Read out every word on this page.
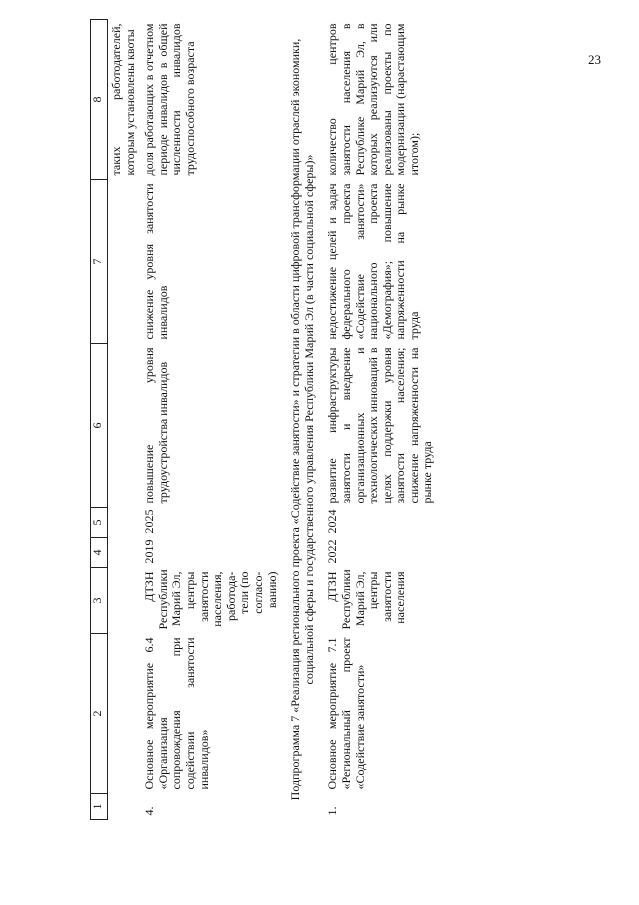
23
1	2	3	4	5	6	7	8
							таких работодателей, которым установлены квоты
4.	Основное мероприятие 6.4 «Организация сопровождения при содействии занятости инвалидов»	ДТЗН Республики Марий Эл, центры занятости населения, работода-тели (по согласо-ванию)	2019	2025	повышение уровня трудоустройства инвалидов	снижение уровня занятости инвалидов	доля работающих в отчетном периоде инвалидов в общей численности инвалидов трудоспособного возраста
Подпрограмма 7 «Реализация регионального проекта «Содействие занятости» и стратегии в области цифровой трансформации отраслей экономики, социальной сферы и государственного управления Республики Марий Эл (в части социальной сферы)»							
1.	Основное мероприятие 7.1 «Региональный проект «Содействие занятости»	ДТЗН Республики Марий Эл, центры занятости населения	2022	2024	развитие инфраструктуры занятости и внедрение организационных и технологических инноваций в целях поддержки уровня занятости населения; снижение напряженности на рынке труда	недостижение целей и задач федерального проекта «Содействие занятости» национального проекта «Демография»; повышение напряженности на рынке труда	количество центров занятости населения в Республике Марий Эл, в которых реализуются или реализованы проекты по модернизации (нарастающим итогом);
